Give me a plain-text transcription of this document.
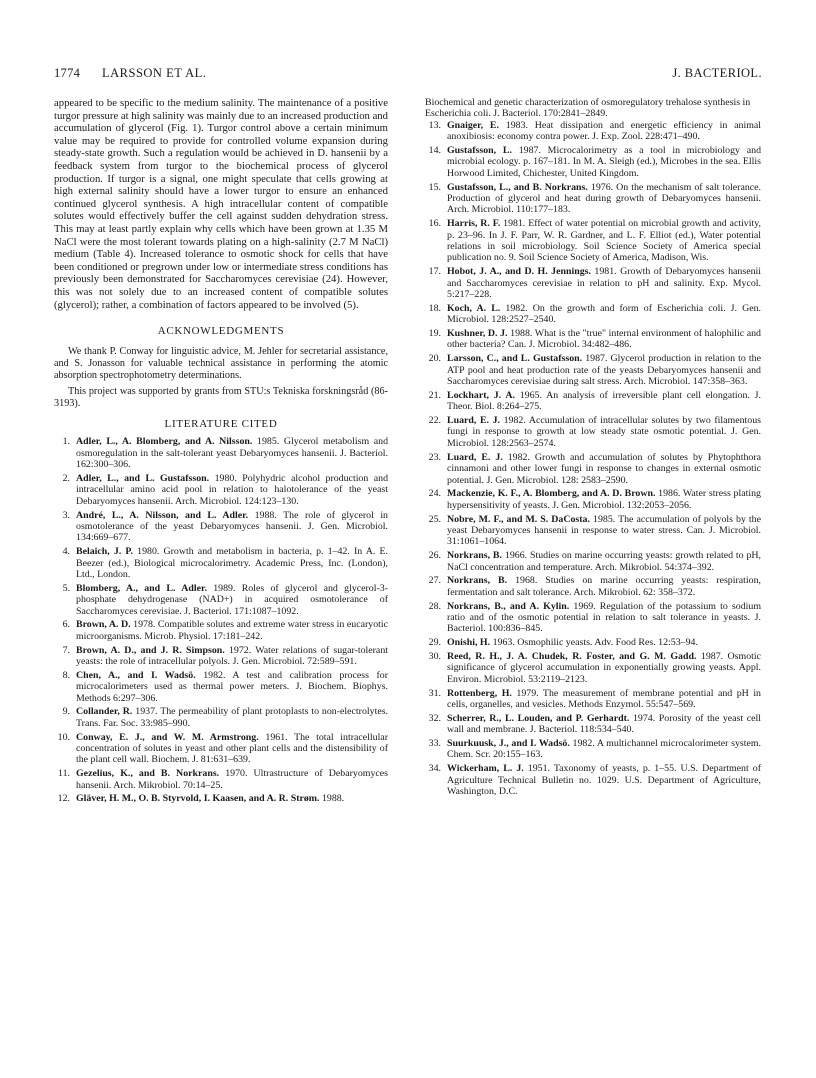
1774 LARSSON ET AL.	J. BACTERIOL.

appeared to be specific to the medium salinity. The maintenance of a positive turgor pressure at high salinity was mainly due to an increased production and accumulation of glycerol (Fig. 1). Turgor control above a certain minimum value may be required to provide for controlled volume expansion during steady-state growth. Such a regulation would be achieved in D. hansenii by a feedback system from turgor to the biochemical process of glycerol production. If turgor is a signal, one might speculate that cells growing at high external salinity should have a lower turgor to ensure an enhanced continued glycerol synthesis. A high intracellular content of compatible solutes would effectively buffer the cell against sudden dehydration stress. This may at least partly explain why cells which have been grown at 1.35 M NaCl were the most tolerant towards plating on a high-salinity (2.7 M NaCl) medium (Table 4). Increased tolerance to osmotic shock for cells that have been conditioned or pregrown under low or intermediate stress conditions has previously been demonstrated for Saccharomyces cerevisiae (24). However, this was not solely due to an increased content of compatible solutes (glycerol); rather, a combination of factors appeared to be involved (5).

ACKNOWLEDGMENTS

We thank P. Conway for linguistic advice, M. Jehler for secretarial assistance, and S. Jonasson for valuable technical assistance in performing the atomic absorption spectrophotometry determinations.

This project was supported by grants from STU:s Tekniska forskningsråd (86-3193).

LITERATURE CITED
1. Adler, L., A. Blomberg, and A. Nilsson. 1985. Glycerol metabolism and osmoregulation in the salt-tolerant yeast Debaryomyces hansenii. J. Bacteriol. 162:300–306.
2. Adler, L., and L. Gustafsson. 1980. Polyhydric alcohol production and intracellular amino acid pool in relation to halotolerance of the yeast Debaryomyces hansenii. Arch. Microbiol. 124:123–130.
3. André, L., A. Nilsson, and L. Adler. 1988. The role of glycerol in osmotolerance of the yeast Debaryomyces hansenii. J. Gen. Microbiol. 134:669–677.
4. Belaich, J. P. 1980. Growth and metabolism in bacteria, p. 1–42. In A. E. Beezer (ed.), Biological microcalorimetry. Academic Press, Inc. (London), Ltd., London.
5. Blomberg, A., and L. Adler. 1989. Roles of glycerol and glycerol-3-phosphate dehydrogenase (NAD+) in acquired osmotolerance of Saccharomyces cerevisiae. J. Bacteriol. 171:1087–1092.
6. Brown, A. D. 1978. Compatible solutes and extreme water stress in eucaryotic microorganisms. Microb. Physiol. 17:181–242.
7. Brown, A. D., and J. R. Simpson. 1972. Water relations of sugar-tolerant yeasts: the role of intracellular polyols. J. Gen. Microbiol. 72:589–591.
8. Chen, A., and I. Wadsö. 1982. A test and calibration process for microcalorimeters used as thermal power meters. J. Biochem. Biophys. Methods 6:297–306.
9. Collander, R. 1937. The permeability of plant protoplasts to non-electrolytes. Trans. Far. Soc. 33:985–990.
10. Conway, E. J., and W. M. Armstrong. 1961. The total intracellular concentration of solutes in yeast and other plant cells and the distensibility of the plant cell wall. Biochem. J. 81:631–639.
11. Gezelius, K., and B. Norkrans. 1970. Ultrastructure of Debaryomyces hansenii. Arch. Mikrobiol. 70:14–25.
12. Gläver, H. M., O. B. Styrvold, I. Kaasen, and A. R. Strøm. 1988.
Biochemical and genetic characterization of osmoregulatory trehalose synthesis in Escherichia coli. J. Bacteriol. 170:2841–2849.
13. Gnaiger, E. 1983. Heat dissipation and energetic efficiency in animal anoxibiosis: economy contra power. J. Exp. Zool. 228:471–490.
14. Gustafsson, L. 1987. Microcalorimetry as a tool in microbiology and microbial ecology. p. 167–181. In M. A. Sleigh (ed.), Microbes in the sea. Ellis Horwood Limited, Chichester, United Kingdom.
15. Gustafsson, L., and B. Norkrans. 1976. On the mechanism of salt tolerance. Production of glycerol and heat during growth of Debaryomyces hansenii. Arch. Microbiol. 110:177–183.
16. Harris, R. F. 1981. Effect of water potential on microbial growth and activity, p. 23–96. In J. F. Parr, W. R. Gardner, and L. F. Elliot (ed.), Water potential relations in soil microbiology. Soil Science Society of America special publication no. 9. Soil Science Society of America, Madison, Wis.
17. Hobot, J. A., and D. H. Jennings. 1981. Growth of Debaryomyces hansenii and Saccharomyces cerevisiae in relation to pH and salinity. Exp. Mycol. 5:217–228.
18. Koch, A. L. 1982. On the growth and form of Escherichia coli. J. Gen. Microbiol. 128:2527–2540.
19. Kushner, D. J. 1988. What is the "true" internal environment of halophilic and other bacteria? Can. J. Microbiol. 34:482–486.
20. Larsson, C., and L. Gustafsson. 1987. Glycerol production in relation to the ATP pool and heat production rate of the yeasts Debaryomyces hansenii and Saccharomyces cerevisiae during salt stress. Arch. Microbiol. 147:358–363.
21. Lockhart, J. A. 1965. An analysis of irreversible plant cell elongation. J. Theor. Biol. 8:264–275.
22. Luard, E. J. 1982. Accumulation of intracellular solutes by two filamentous fungi in response to growth at low steady state osmotic potential. J. Gen. Microbiol. 128:2563–2574.
23. Luard, E. J. 1982. Growth and accumulation of solutes by Phytophthora cinnamoni and other lower fungi in response to changes in external osmotic potential. J. Gen. Microbiol. 128: 2583–2590.
24. Mackenzie, K. F., A. Blomberg, and A. D. Brown. 1986. Water stress plating hypersensitivity of yeasts. J. Gen. Microbiol. 132:2053–2056.
25. Nobre, M. F., and M. S. DaCosta. 1985. The accumulation of polyols by the yeast Debaryomyces hansenii in response to water stress. Can. J. Microbiol. 31:1061–1064.
26. Norkrans, B. 1966. Studies on marine occurring yeasts: growth related to pH, NaCl concentration and temperature. Arch. Mikrobiol. 54:374–392.
27. Norkrans, B. 1968. Studies on marine occurring yeasts: respiration, fermentation and salt tolerance. Arch. Mikrobiol. 62: 358–372.
28. Norkrans, B., and A. Kylin. 1969. Regulation of the potassium to sodium ratio and of the osmotic potential in relation to salt tolerance in yeasts. J. Bacteriol. 100:836–845.
29. Onishi, H. 1963. Osmophilic yeasts. Adv. Food Res. 12:53–94.
30. Reed, R. H., J. A. Chudek, R. Foster, and G. M. Gadd. 1987. Osmotic significance of glycerol accumulation in exponentially growing yeasts. Appl. Environ. Microbiol. 53:2119–2123.
31. Rottenberg, H. 1979. The measurement of membrane potential and pH in cells, organelles, and vesicles. Methods Enzymol. 55:547–569.
32. Scherrer, R., L. Louden, and P. Gerhardt. 1974. Porosity of the yeast cell wall and membrane. J. Bacteriol. 118:534–540.
33. Suurkuusk, J., and I. Wadsö. 1982. A multichannel microcalorimeter system. Chem. Scr. 20:155–163.
34. Wickerham, L. J. 1951. Taxonomy of yeasts, p. 1–55. U.S. Department of Agriculture Technical Bulletin no. 1029. U.S. Department of Agriculture, Washington, D.C.
